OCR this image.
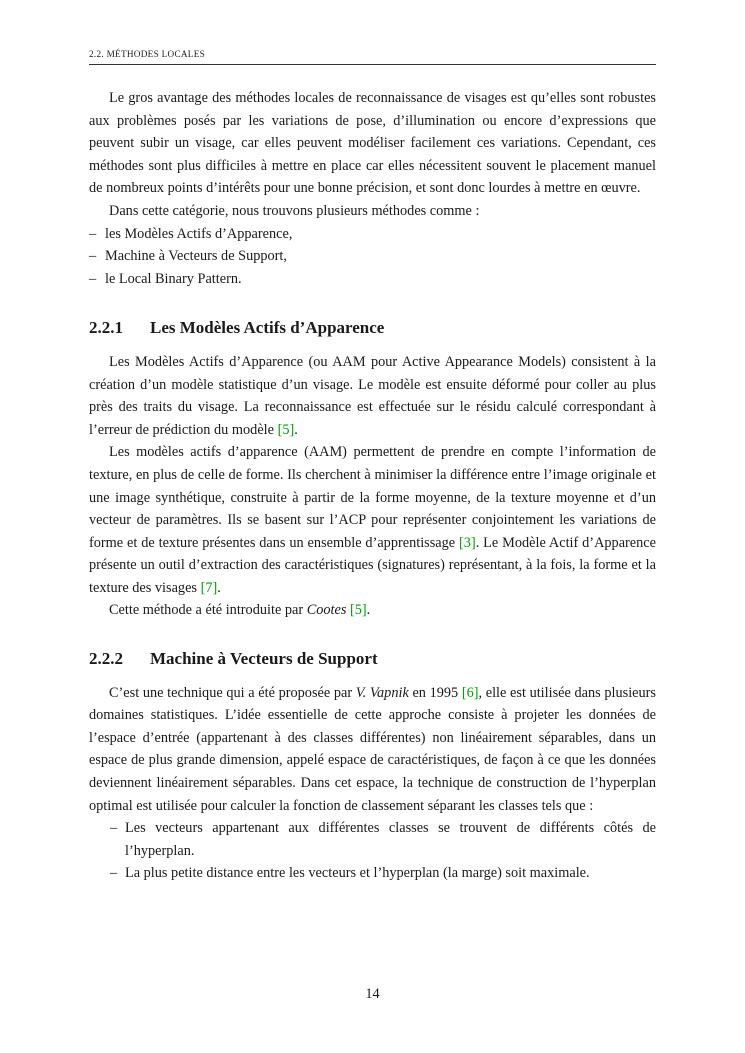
2.2. MÉTHODES LOCALES

Le gros avantage des méthodes locales de reconnaissance de visages est qu’elles sont robustes aux problèmes posés par les variations de pose, d’illumination ou encore d’expressions que peuvent subir un visage, car elles peuvent modéliser facilement ces variations. Cependant, ces méthodes sont plus difficiles à mettre en place car elles nécessitent souvent le placement manuel de nombreux points d’intérêts pour une bonne précision, et sont donc lourdes à mettre en œuvre.

Dans cette catégorie, nous trouvons plusieurs méthodes comme :

– les Modèles Actifs d’Apparence,
– Machine à Vecteurs de Support,
– le Local Binary Pattern.
2.2.1 Les Modèles Actifs d’Apparence

Les Modèles Actifs d’Apparence (ou AAM pour Active Appearance Models) consistent à la création d’un modèle statistique d’un visage. Le modèle est ensuite déformé pour coller au plus près des traits du visage. La reconnaissance est effectuée sur le résidu calculé correspondant à l’erreur de prédiction du modèle [5].

Les modèles actifs d’apparence (AAM) permettent de prendre en compte l’information de texture, en plus de celle de forme. Ils cherchent à minimiser la différence entre l’image originale et une image synthétique, construite à partir de la forme moyenne, de la texture moyenne et d’un vecteur de paramètres. Ils se basent sur l’ACP pour représenter conjointement les variations de forme et de texture présentes dans un ensemble d’apprentissage [3]. Le Modèle Actif d’Apparence présente un outil d’extraction des caractéristiques (signatures) représentant, à la fois, la forme et la texture des visages [7].

Cette méthode a été introduite par Cootes [5].

2.2.2 Machine à Vecteurs de Support

C’est une technique qui a été proposée par V. Vapnik en 1995 [6], elle est utilisée dans plusieurs domaines statistiques. L’idée essentielle de cette approche consiste à projeter les données de l’espace d’entrée (appartenant à des classes différentes) non linéairement séparables, dans un espace de plus grande dimension, appelé espace de caractéristiques, de façon à ce que les données deviennent linéairement séparables. Dans cet espace, la technique de construction de l’hyperplan optimal est utilisée pour calculer la fonction de classement séparant les classes tels que :

– Les vecteurs appartenant aux différentes classes se trouvent de différents côtés de l’hyperplan.
– La plus petite distance entre les vecteurs et l’hyperplan (la marge) soit maximale.
14
